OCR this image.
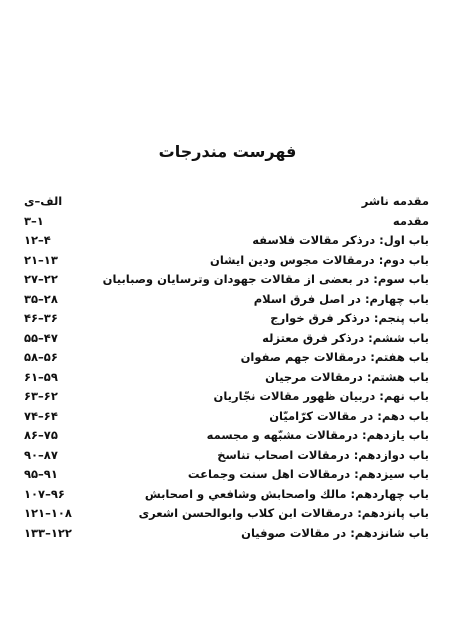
فهرست مندرجات
مقدمه ناشر
الف–ی
مقدمه
۱–۳
باب اول: درذکر مقالات فلاسفه
۴–۱۲
باب دوم: درمقالات مجوس ودین ایشان
۱۳–۲۱
باب سوم: در بعضی از مقالات جهودان وترسایان وصبابیان
۲۲–۲۷
باب چهارم: در اصل فرق اسلام
۲۸–۳۵
باب پنجم: درذکر فرق خوارج
۳۶–۴۶
باب ششم: درذکر فرق معتزله
۴۷–۵۵
باب هفتم: درمقالات جهم صفوان
۵۶–۵۸
باب هشتم: درمقالات مرجیان
۵۹–۶۱
باب نهم: دربیان ظهور مقالات نجّاریان
۶۲–۶۳
باب دهم: در مقالات کرّامیّان
۶۴–۷۴
باب یازدهم: درمقالات مشبّهه و مجسمه
۷۵–۸۶
باب دوازدهم: درمقالات اصحاب تناسخ
۸۷–۹۰
باب سیزدهم: درمقالات اهل سنت وجماعت
۹۱–۹۵
باب چهاردهم: مالك واصحابش وشافعي و اصحابش
۹۶–۱۰۷
باب پانزدهم: درمقالات ابن کلاب وابوالحسن اشعری
۱۰۸–۱۲۱
باب شانزدهم: در مقالات صوفیان
۱۲۲–۱۳۳
